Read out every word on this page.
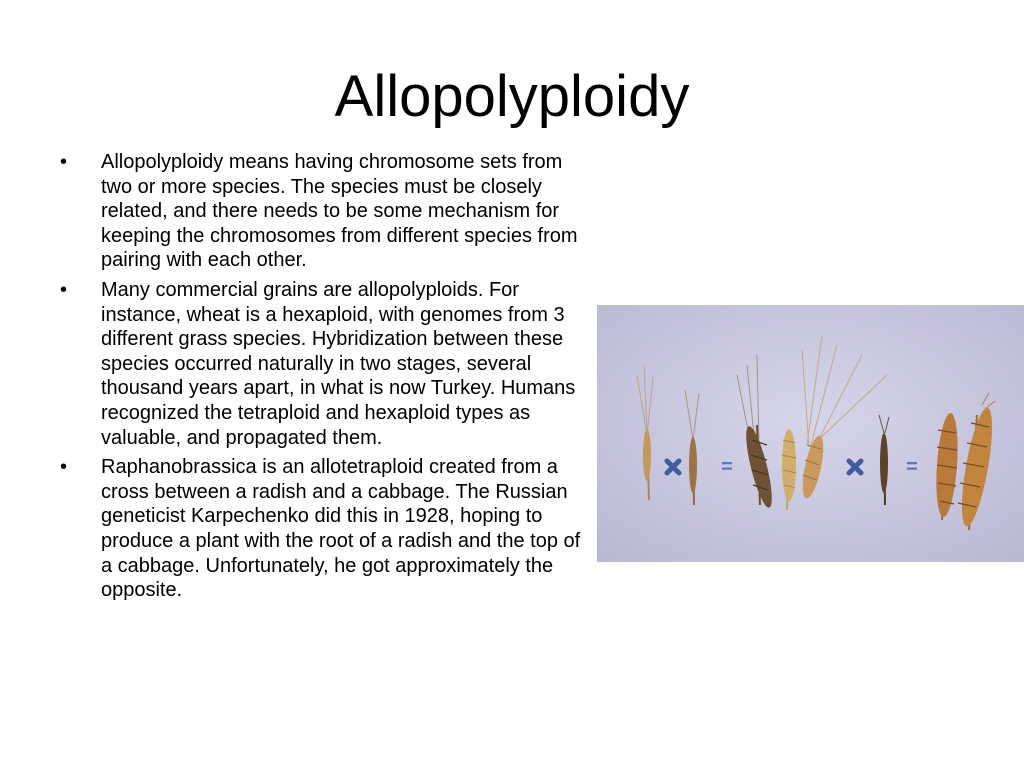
Allopolyploidy
• Allopolyploidy means having chromosome sets from two or more species. The species must be closely related, and there needs to be some mechanism for keeping the chromosomes from different species from pairing with each other.
• Many commercial grains are allopolyploids. For instance, wheat is a hexaploid, with genomes from 3 different grass species. Hybridization between these species occurred naturally in two stages, several thousand years apart, in what is now Turkey. Humans recognized the tetraploid and hexaploid types as valuable, and propagated them.
• Raphanobrassica is an allotetraploid created from a cross between a radish and a cabbage. The Russian geneticist Karpechenko did this in 1928, hoping to produce a plant with the root of a radish and the top of a cabbage. Unfortunately, he got approximately the opposite.
=	=
